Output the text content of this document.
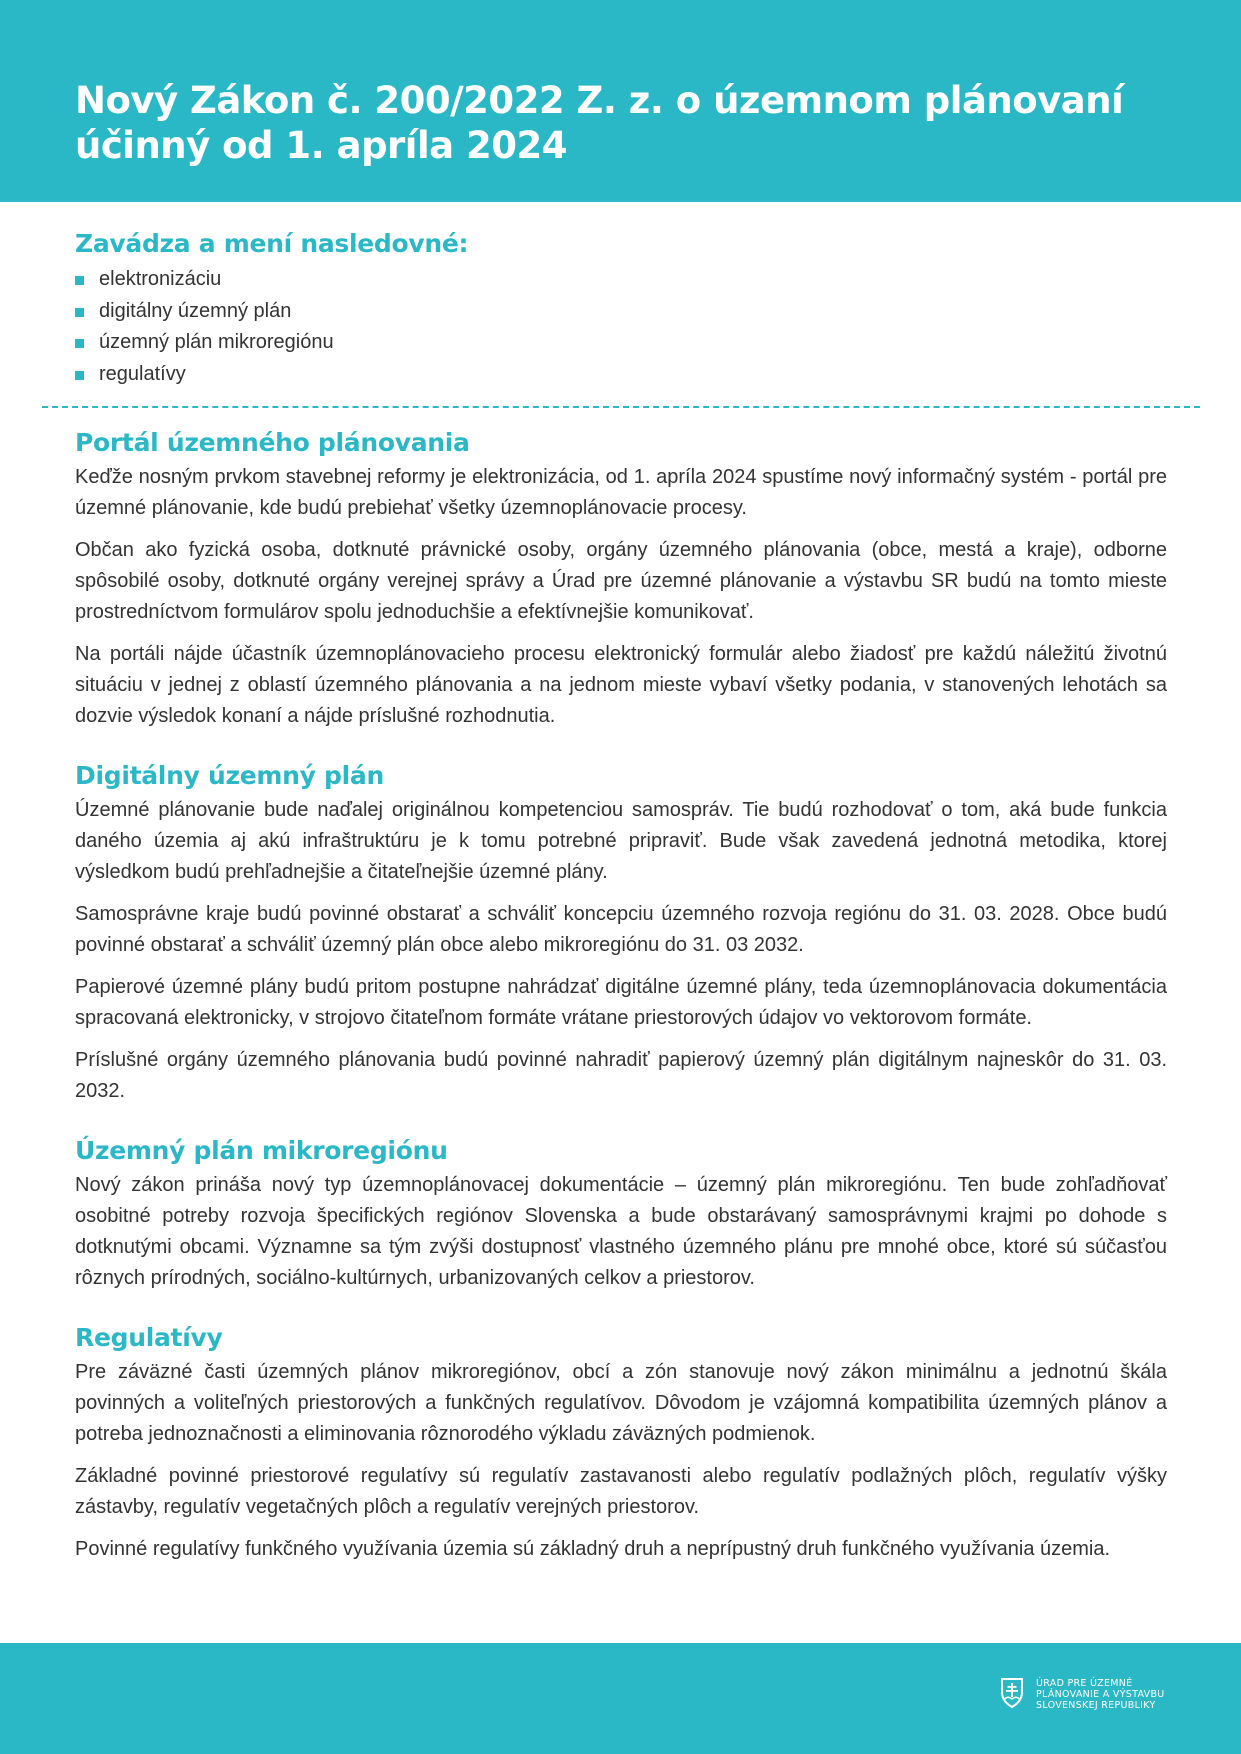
Nový Zákon č. 200/2022 Z. z. o územnom plánovaní účinný od 1. apríla 2024
Zavádza a mení nasledovné:
elektronizáciu
digitálny územný plán
územný plán mikroregiónu
regulatívy
Portál územného plánovania

Keďže nosným prvkom stavebnej reformy je elektronizácia, od 1. apríla 2024 spustíme nový informačný systém - portál pre územné plánovanie, kde budú prebiehať všetky územnoplánovacie procesy.

Občan ako fyzická osoba, dotknuté právnické osoby, orgány územného plánovania (obce, mestá a kraje), odborne spôsobilé osoby, dotknuté orgány verejnej správy a Úrad pre územné plánovanie a výstavbu SR budú na tomto mieste prostredníctvom formulárov spolu jednoduchšie a efektívnejšie komunikovať.

Na portáli nájde účastník územnoplánovacieho procesu elektronický formulár alebo žiadosť pre každú náležitú životnú situáciu v jednej z oblastí územného plánovania a na jednom mieste vybaví všetky podania, v stanovených lehotách sa dozvie výsledok konaní a nájde príslušné rozhodnutia.

Digitálny územný plán

Územné plánovanie bude naďalej originálnou kompetenciou samospráv. Tie budú rozhodovať o tom, aká bude funkcia daného územia aj akú infraštruktúru je k tomu potrebné pripraviť. Bude však zavedená jednotná metodika, ktorej výsledkom budú prehľadnejšie a čitateľnejšie územné plány.

Samosprávne kraje budú povinné obstarať a schváliť koncepciu územného rozvoja regiónu do 31. 03. 2028. Obce budú povinné obstarať a schváliť územný plán obce alebo mikroregiónu do 31. 03 2032.

Papierové územné plány budú pritom postupne nahrádzať digitálne územné plány, teda územnoplánovacia dokumentácia spracovaná elektronicky, v strojovo čitateľnom formáte vrátane priestorových údajov vo vektorovom formáte.

Príslušné orgány územného plánovania budú povinné nahradiť papierový územný plán digitálnym najneskôr do 31. 03. 2032.

Územný plán mikroregiónu

Nový zákon prináša nový typ územnoplánovacej dokumentácie – územný plán mikroregiónu. Ten bude zohľadňovať osobitné potreby rozvoja špecifických regiónov Slovenska a bude obstarávaný samosprávnymi krajmi po dohode s dotknutými obcami. Významne sa tým zvýši dostupnosť vlastného územného plánu pre mnohé obce, ktoré sú súčasťou rôznych prírodných, sociálno-kultúrnych, urbanizovaných celkov a priestorov.

Regulatívy

Pre záväzné časti územných plánov mikroregiónov, obcí a zón stanovuje nový zákon minimálnu a jednotnú škála povinných a voliteľných priestorových a funkčných regulatívov. Dôvodom je vzájomná kompatibilita územných plánov a potreba jednoznačnosti a eliminovania rôznorodého výkladu záväzných podmienok.

Základné povinné priestorové regulatívy sú regulatív zastavanosti alebo regulatív podlažných plôch, regulatív výšky zástavby, regulatív vegetačných plôch a regulatív verejných priestorov.

Povinné regulatívy funkčného využívania územia sú základný druh a neprípustný druh funkčného využívania územia.

ÚRAD PRE ÚZEMNÉ
PLÁNOVANIE A VÝSTAVBU
SLOVENSKEJ REPUBLIKY
